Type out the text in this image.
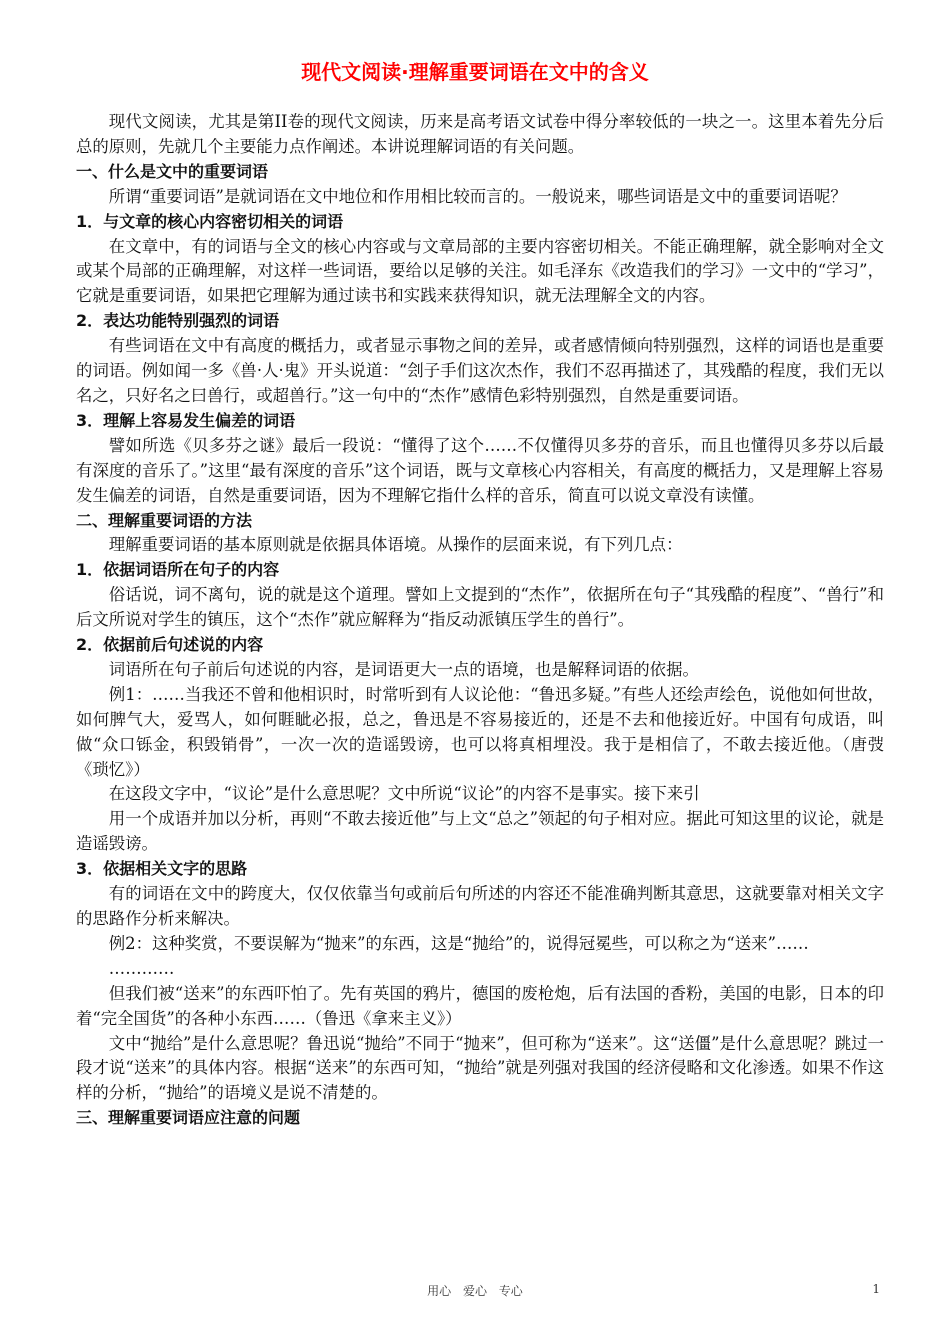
现代文阅读·理解重要词语在文中的含义

现代文阅读，尤其是第II卷的现代文阅读，历来是高考语文试卷中得分率较低的一块之一。这里本着先分后总的原则，先就几个主要能力点作阐述。本讲说理解词语的有关问题。

一、什么是文中的重要词语

所谓“重要词语”是就词语在文中地位和作用相比较而言的。一般说来，哪些词语是文中的重要词语呢？

1．与文章的核心内容密切相关的词语

在文章中，有的词语与全文的核心内容或与文章局部的主要内容密切相关。不能正确理解，就全影响对全文或某个局部的正确理解，对这样一些词语，要给以足够的关注。如毛泽东《改造我们的学习》一文中的“学习”，它就是重要词语，如果把它理解为通过读书和实践来获得知识，就无法理解全文的内容。

2．表达功能特别强烈的词语

有些词语在文中有高度的概括力，或者显示事物之间的差异，或者感情倾向特别强烈，这样的词语也是重要的词语。例如闻一多《兽·人·鬼》开头说道：“刽子手们这次杰作，我们不忍再描述了，其残酷的程度，我们无以名之，只好名之曰兽行，或超兽行。”这一句中的“杰作”感情色彩特别强烈，自然是重要词语。

3．理解上容易发生偏差的词语

譬如所选《贝多芬之谜》最后一段说：“懂得了这个……不仅懂得贝多芬的音乐，而且也懂得贝多芬以后最有深度的音乐了。”这里“最有深度的音乐”这个词语，既与文章核心内容相关，有高度的概括力，又是理解上容易发生偏差的词语，自然是重要词语，因为不理解它指什么样的音乐，简直可以说文章没有读懂。

二、理解重要词语的方法

理解重要词语的基本原则就是依据具体语境。从操作的层面来说，有下列几点：

1．依据词语所在句子的内容

俗话说，词不离句，说的就是这个道理。譬如上文提到的“杰作”，依据所在句子“其残酷的程度”、“兽行”和后文所说对学生的镇压，这个“杰作”就应解释为“指反动派镇压学生的兽行”。

2．依据前后句述说的内容

词语所在句子前后句述说的内容，是词语更大一点的语境，也是解释词语的依据。

例1：……当我还不曾和他相识时，时常听到有人议论他：“鲁迅多疑。”有些人还绘声绘色，说他如何世故，如何脾气大，爱骂人，如何睚眦必报，总之，鲁迅是不容易接近的，还是不去和他接近好。中国有句成语，叫做“众口铄金，积毁销骨”，一次一次的造谣毁谤，也可以将真相埋没。我于是相信了，不敢去接近他。（唐弢《琐忆》）

在这段文字中，“议论”是什么意思呢？文中所说“议论”的内容不是事实。接下来引

用一个成语并加以分析，再则“不敢去接近他”与上文“总之”领起的句子相对应。据此可知这里的议论，就是造谣毁谤。

3．依据相关文字的思路

有的词语在文中的跨度大，仅仅依靠当句或前后句所述的内容还不能准确判断其意思，这就要靠对相关文字的思路作分析来解决。

例2：这种奖赏，不要误解为“抛来”的东西，这是“抛给”的，说得冠冕些，可以称之为“送来”……

…………

但我们被“送来”的东西吓怕了。先有英国的鸦片，德国的废枪炮，后有法国的香粉，美国的电影，日本的印着“完全国货”的各种小东西……（鲁迅《拿来主义》）

文中“抛给”是什么意思呢？鲁迅说“抛给”不同于“抛来”，但可称为“送来”。这“送僵”是什么意思呢？跳过一段才说“送来”的具体内容。根据“送来”的东西可知，“抛给”就是列强对我国的经济侵略和文化渗透。如果不作这样的分析，“抛给”的语境义是说不清楚的。

三、理解重要词语应注意的问题

用心 爱心 专心	1
